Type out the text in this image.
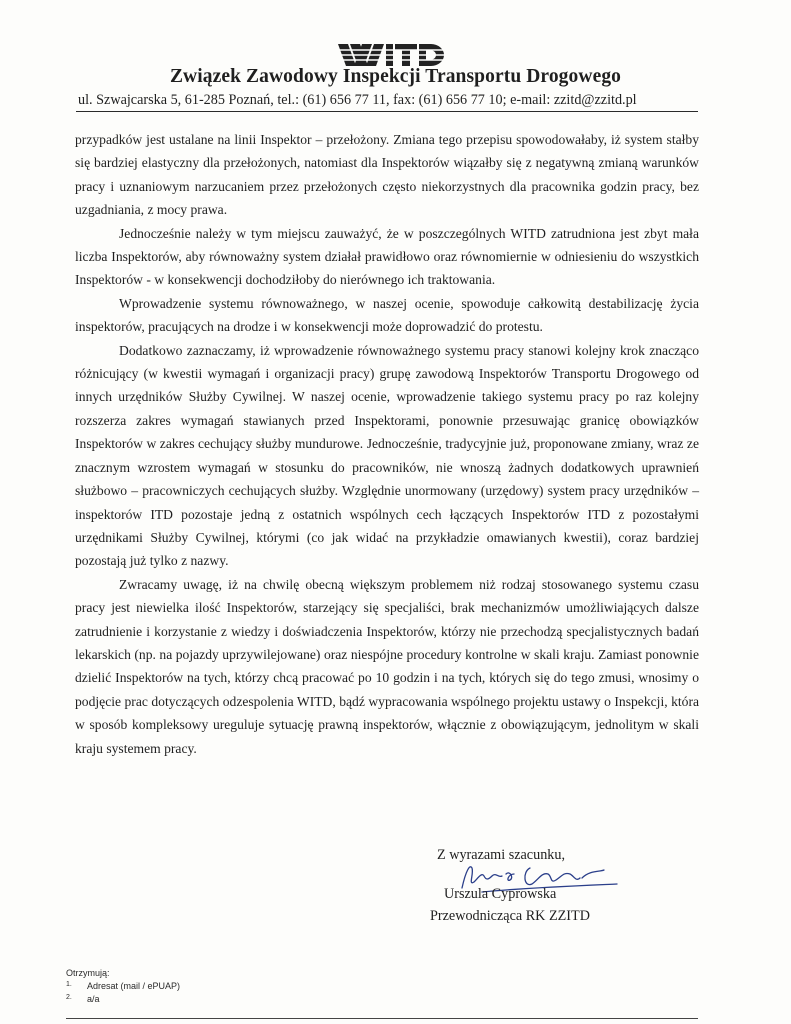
Związek Zawodowy Inspekcji Transportu Drogowego
ul. Szwajcarska 5, 61-285 Poznań, tel.: (61) 656 77 11, fax: (61) 656 77 10; e-mail: zzitd@zzitd.pl

przypadków jest ustalane na linii Inspektor – przełożony. Zmiana tego przepisu spowodowałaby, iż system stałby się bardziej elastyczny dla przełożonych, natomiast dla Inspektorów wiązałby się z negatywną zmianą warunków pracy i uznaniowym narzucaniem przez przełożonych często niekorzystnych dla pracownika godzin pracy, bez uzgadniania, z mocy prawa.

Jednocześnie należy w tym miejscu zauważyć, że w poszczególnych WITD zatrudniona jest zbyt mała liczba Inspektorów, aby równoważny system działał prawidłowo oraz równomiernie w odniesieniu do wszystkich Inspektorów - w konsekwencji dochodziłoby do nierównego ich traktowania.

Wprowadzenie systemu równoważnego, w naszej ocenie, spowoduje całkowitą destabilizację życia inspektorów, pracujących na drodze i w konsekwencji może doprowadzić do protestu.

Dodatkowo zaznaczamy, iż wprowadzenie równoważnego systemu pracy stanowi kolejny krok znacząco różnicujący (w kwestii wymagań i organizacji pracy) grupę zawodową Inspektorów Transportu Drogowego od innych urzędników Służby Cywilnej. W naszej ocenie, wprowadzenie takiego systemu pracy po raz kolejny rozszerza zakres wymagań stawianych przed Inspektorami, ponownie przesuwając granicę obowiązków Inspektorów w zakres cechujący służby mundurowe. Jednocześnie, tradycyjnie już, proponowane zmiany, wraz ze znacznym wzrostem wymagań w stosunku do pracowników, nie wnoszą żadnych dodatkowych uprawnień służbowo – pracowniczych cechujących służby. Względnie unormowany (urzędowy) system pracy urzędników – inspektorów ITD pozostaje jedną z ostatnich wspólnych cech łączących Inspektorów ITD z pozostałymi urzędnikami Służby Cywilnej, którymi (co jak widać na przykładzie omawianych kwestii), coraz bardziej pozostają już tylko z nazwy.

Zwracamy uwagę, iż na chwilę obecną większym problemem niż rodzaj stosowanego systemu czasu pracy jest niewielka ilość Inspektorów, starzejący się specjaliści, brak mechanizmów umożliwiających dalsze zatrudnienie i korzystanie z wiedzy i doświadczenia Inspektorów, którzy nie przechodzą specjalistycznych badań lekarskich (np. na pojazdy uprzywilejowane) oraz niespójne procedury kontrolne w skali kraju. Zamiast ponownie dzielić Inspektorów na tych, którzy chcą pracować po 10 godzin i na tych, których się do tego zmusi, wnosimy o podjęcie prac dotyczących odzespolenia WITD, bądź wypracowania wspólnego projektu ustawy o Inspekcji, która w sposób kompleksowy ureguluje sytuację prawną inspektorów, włącznie z obowiązującym, jednolitym w skali kraju systemem pracy.

Z wyrazami szacunku,
Urszula Cyprowska
Przewodnicząca RK ZZITD
Otrzymują:
1.	Adresat (mail / ePUAP)
2.	a/a
